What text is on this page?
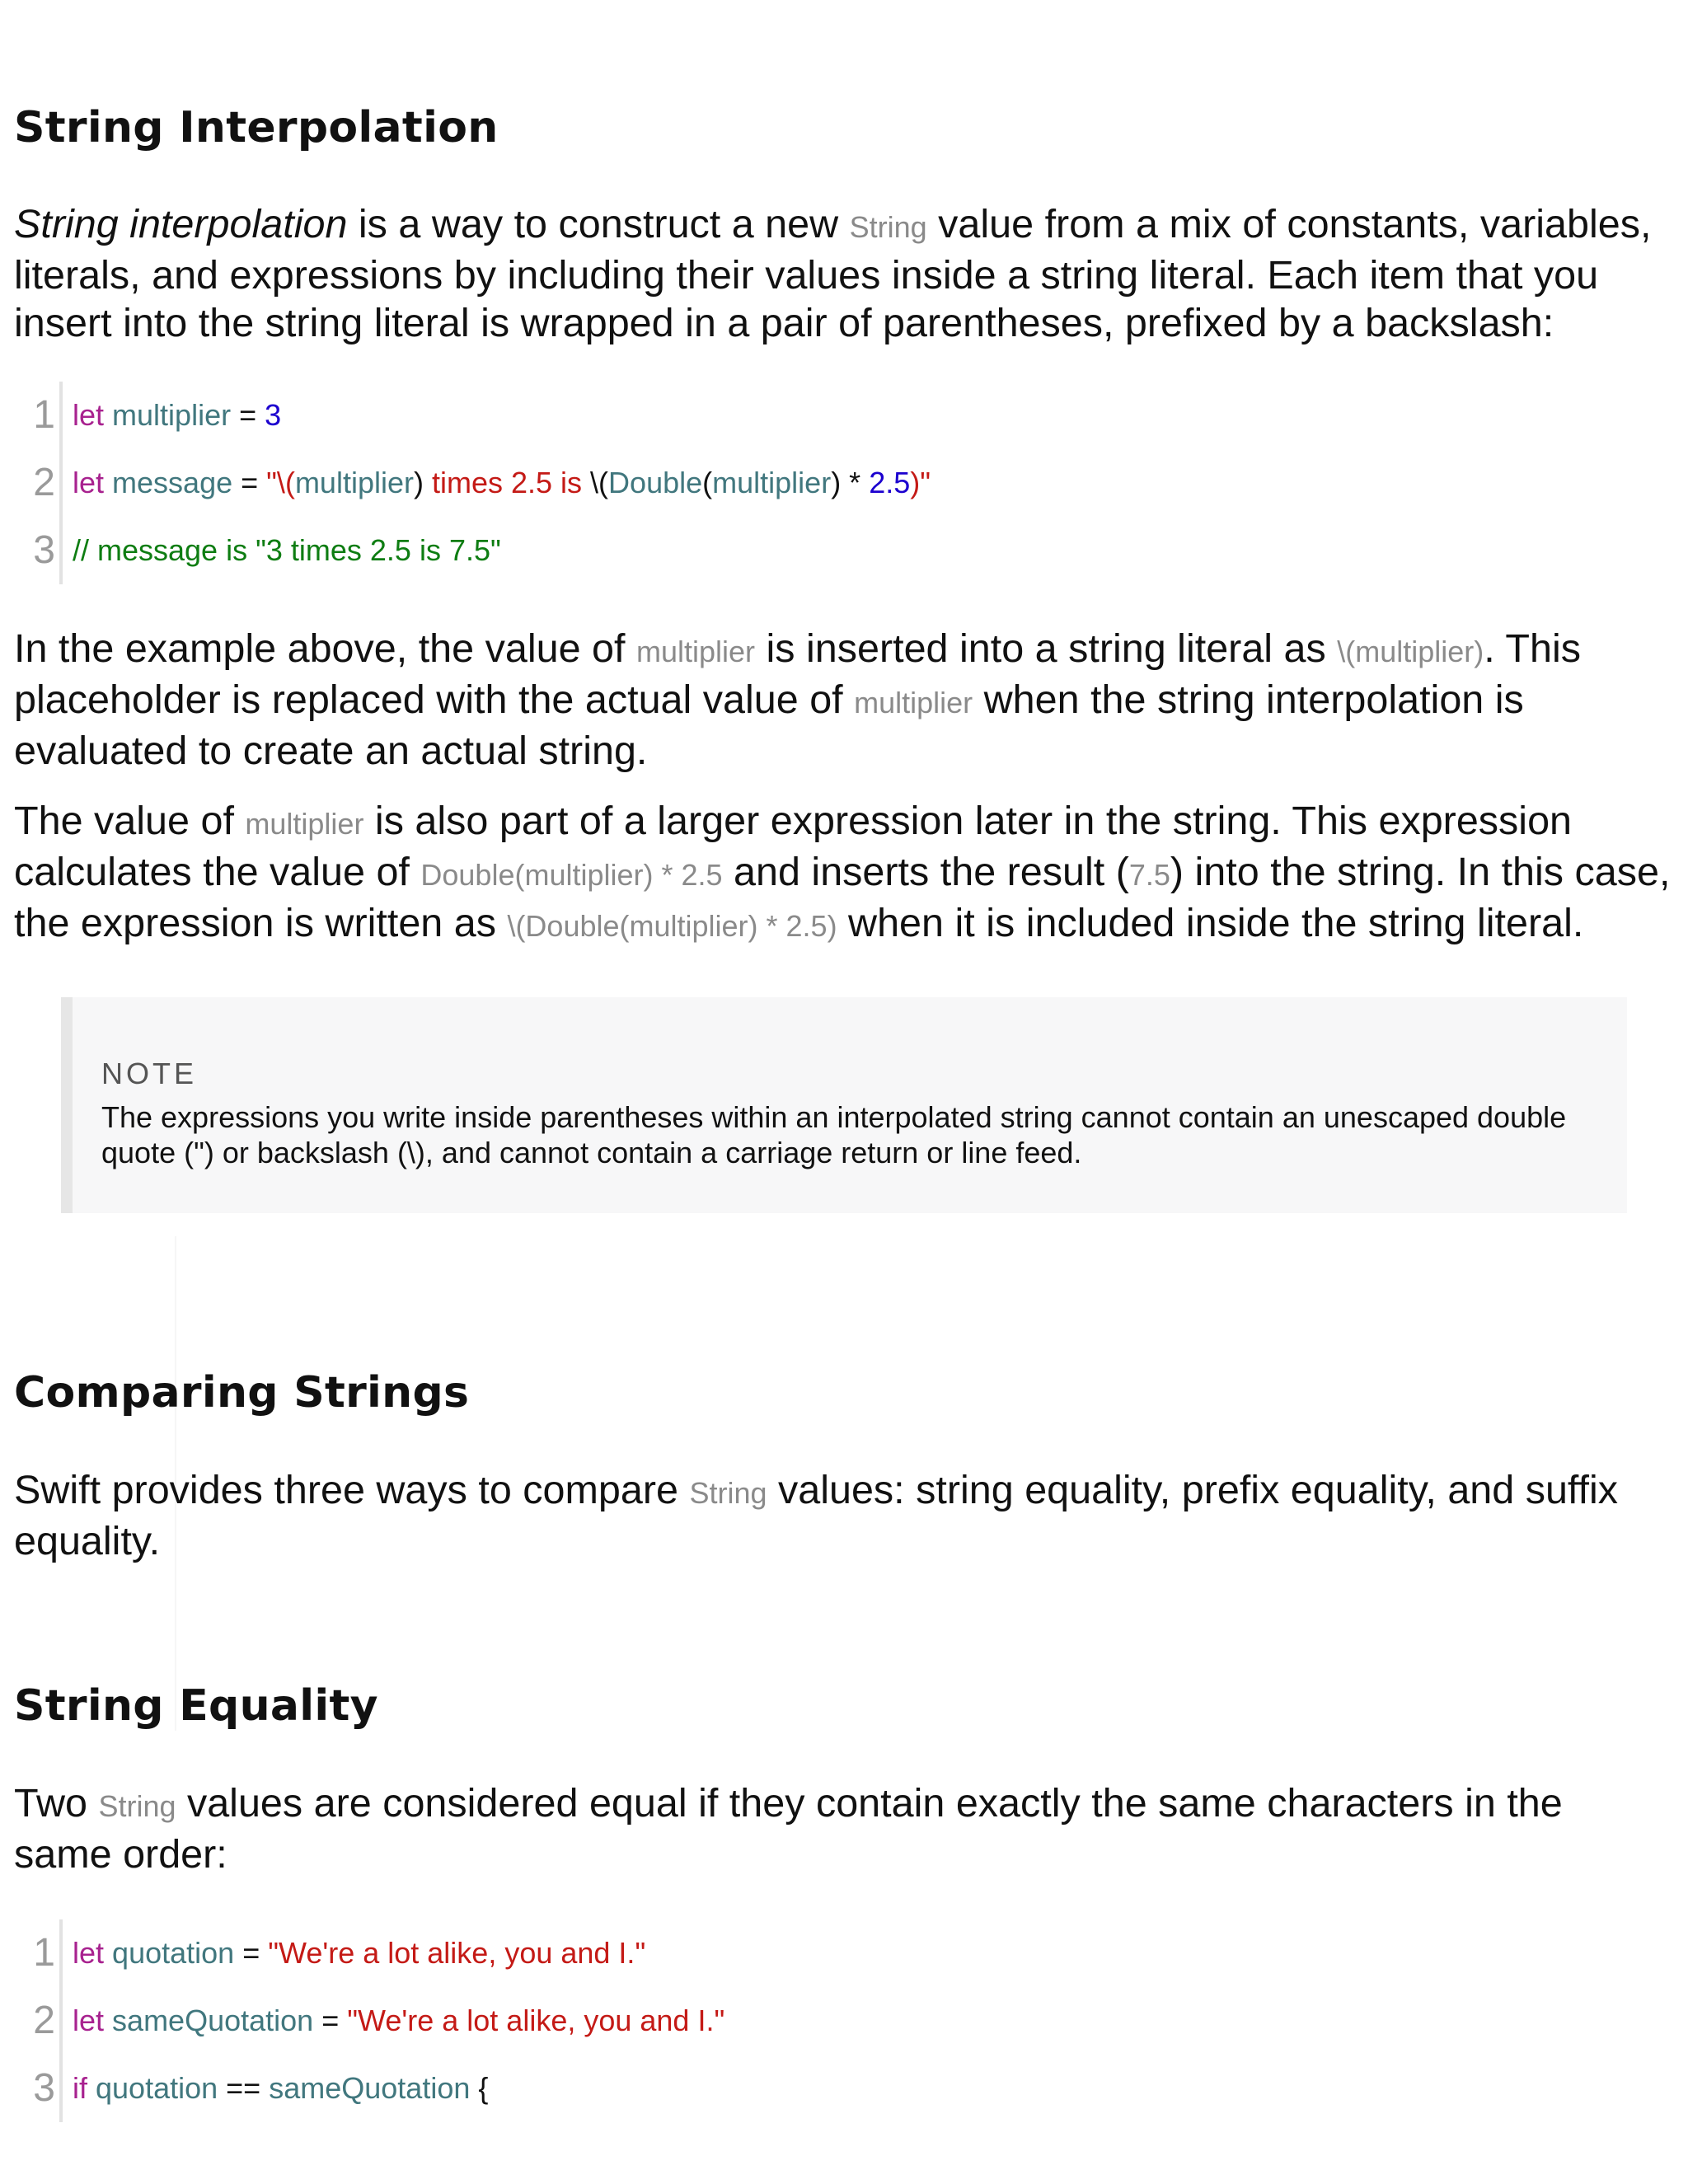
String Interpolation

String interpolation is a way to construct a new String value from a mix of constants, variables, literals, and expressions by including their values inside a string literal. Each item that you insert into the string literal is wrapped in a pair of parentheses, prefixed by a backslash:

1 let multiplier = 3
2 let message = "\(multiplier) times 2.5 is \(Double(multiplier) * 2.5)"
3 // message is "3 times 2.5 is 7.5"

In the example above, the value of multiplier is inserted into a string literal as \(multiplier). This placeholder is replaced with the actual value of multiplier when the string interpolation is evaluated to create an actual string.

The value of multiplier is also part of a larger expression later in the string. This expression calculates the value of Double(multiplier) * 2.5 and inserts the result (7.5) into the string. In this case, the expression is written as \(Double(multiplier) * 2.5) when it is included inside the string literal.

NOTE

The expressions you write inside parentheses within an interpolated string cannot contain an unescaped double quote (") or backslash (\), and cannot contain a carriage return or line feed.

Comparing Strings

Swift provides three ways to compare String values: string equality, prefix equality, and suffix equality.

String Equality

Two String values are considered equal if they contain exactly the same characters in the same order:

1 let quotation = "We're a lot alike, you and I."
2 let sameQuotation = "We're a lot alike, you and I."
3 if quotation == sameQuotation {
